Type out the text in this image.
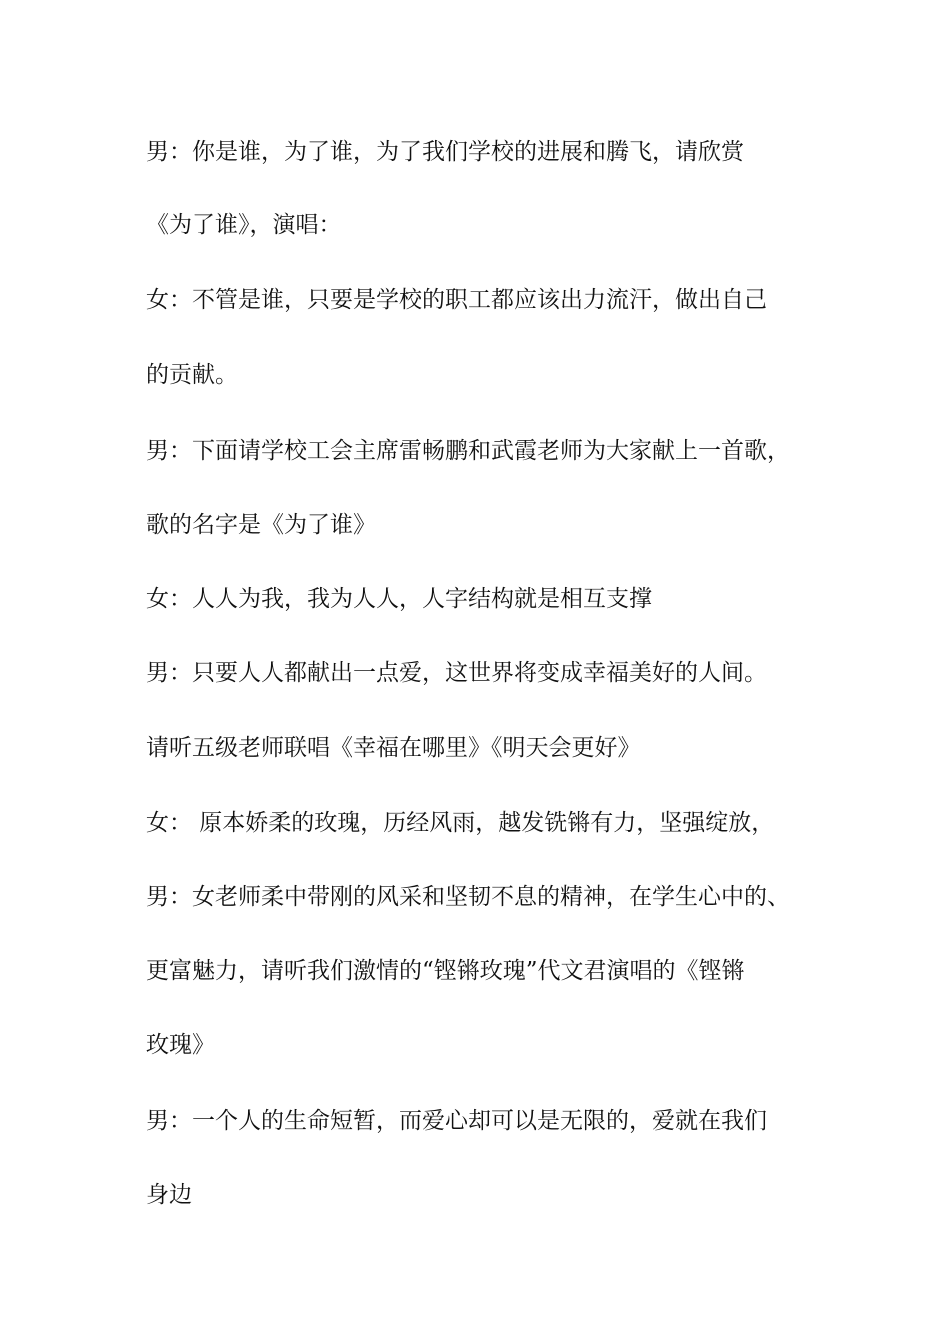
男：你是谁，为了谁，为了我们学校的进展和腾飞，请欣赏

《为了谁》，演唱：

女：不管是谁，只要是学校的职工都应该出力流汗，做出自己

的贡献。

男：下面请学校工会主席雷畅鹏和武霞老师为大家献上一首歌，

歌的名字是《为了谁》

女：人人为我，我为人人，人字结构就是相互支撑

男：只要人人都献出一点爱，这世界将变成幸福美好的人间。

请听五级老师联唱《幸福在哪里》《明天会更好》

女： 原本娇柔的玫瑰，历经风雨，越发铣锵有力，坚强绽放，

男：女老师柔中带刚的风采和坚韧不息的精神，在学生心中的、

更富魅力，请听我们激情的“铿锵玫瑰”代文君演唱的《铿锵

玫瑰》

男：一个人的生命短暂，而爱心却可以是无限的，爱就在我们

身边
